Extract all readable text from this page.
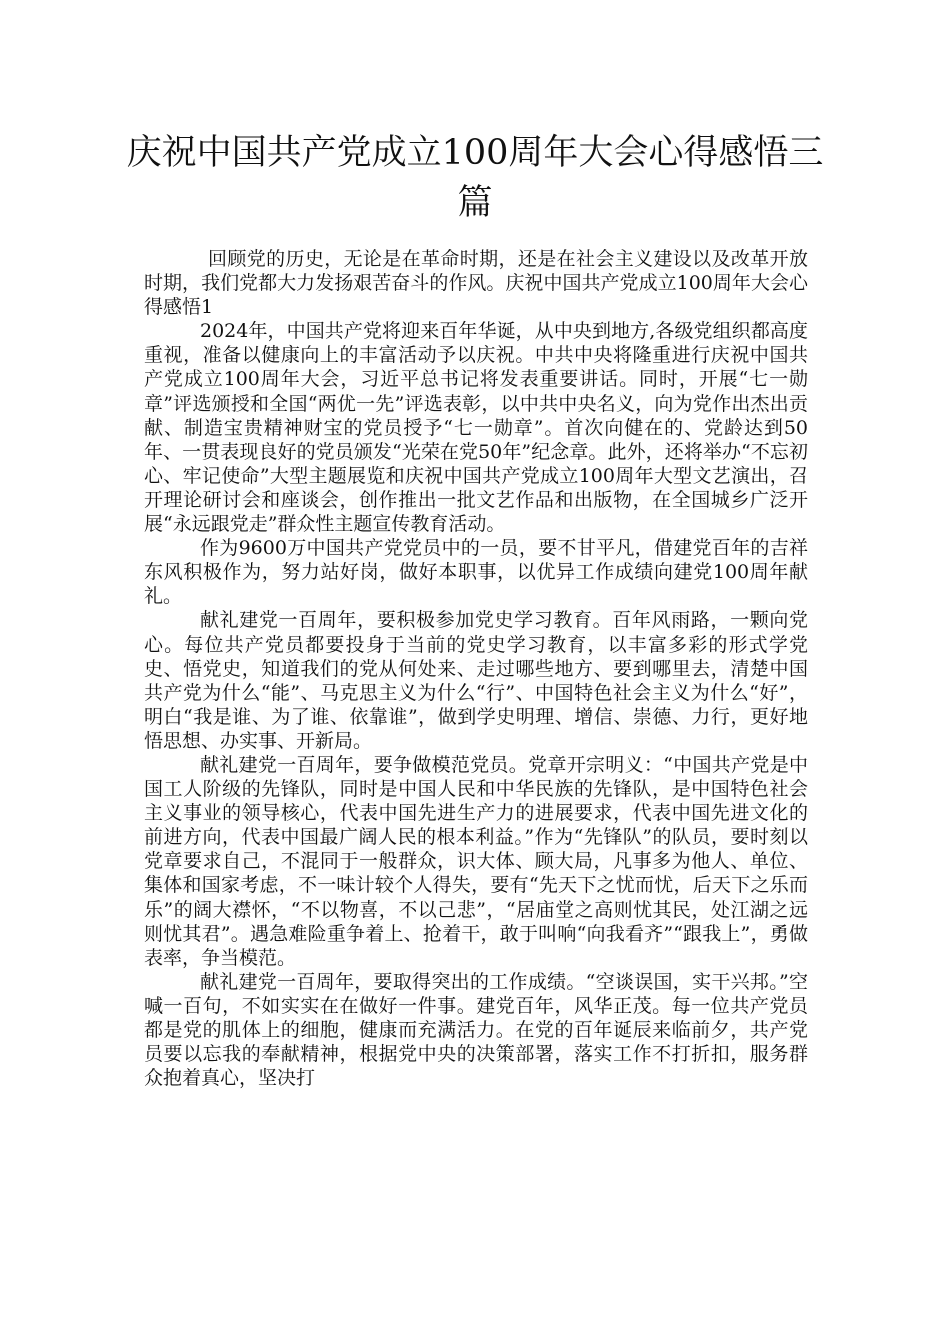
庆祝中国共产党成立100周年大会心得感悟三篇

回顾党的历史，无论是在革命时期，还是在社会主义建设以及改革开放时期，我们党都大力发扬艰苦奋斗的作风。庆祝中国共产党成立100周年大会心得感悟1

2024年，中国共产党将迎来百年华诞，从中央到地方,各级党组织都高度重视，准备以健康向上的丰富活动予以庆祝。中共中央将隆重进行庆祝中国共产党成立100周年大会，习近平总书记将发表重要讲话。同时，开展“七一勋章”评选颁授和全国“两优一先”评选表彰，以中共中央名义，向为党作出杰出贡献、制造宝贵精神财宝的党员授予“七一勋章”。首次向健在的、党龄达到50年、一贯表现良好的党员颁发“光荣在党50年”纪念章。此外，还将举办“不忘初心、牢记使命”大型主题展览和庆祝中国共产党成立100周年大型文艺演出，召开理论研讨会和座谈会，创作推出一批文艺作品和出版物，在全国城乡广泛开展“永远跟党走”群众性主题宣传教育活动。

作为9600万中国共产党党员中的一员，要不甘平凡，借建党百年的吉祥东风积极作为，努力站好岗，做好本职事，以优异工作成绩向建党100周年献礼。

献礼建党一百周年，要积极参加党史学习教育。百年风雨路，一颗向党心。每位共产党员都要投身于当前的党史学习教育，以丰富多彩的形式学党史、悟党史，知道我们的党从何处来、走过哪些地方、要到哪里去，清楚中国共产党为什么“能”、马克思主义为什么“行”、中国特色社会主义为什么“好”，明白“我是谁、为了谁、依靠谁”，做到学史明理、增信、崇德、力行，更好地悟思想、办实事、开新局。

献礼建党一百周年，要争做模范党员。党章开宗明义：“中国共产党是中国工人阶级的先锋队，同时是中国人民和中华民族的先锋队，是中国特色社会主义事业的领导核心，代表中国先进生产力的进展要求，代表中国先进文化的前进方向，代表中国最广阔人民的根本利益。”作为“先锋队”的队员，要时刻以党章要求自己，不混同于一般群众，识大体、顾大局，凡事多为他人、单位、集体和国家考虑，不一味计较个人得失，要有“先天下之忧而忧，后天下之乐而乐”的阔大襟怀，“不以物喜，不以己悲”，“居庙堂之高则忧其民，处江湖之远则忧其君”。遇急难险重争着上、抢着干，敢于叫响“向我看齐”“跟我上”，勇做表率，争当模范。

献礼建党一百周年，要取得突出的工作成绩。“空谈误国，实干兴邦。”空喊一百句，不如实实在在做好一件事。建党百年，风华正茂。每一位共产党员都是党的肌体上的细胞，健康而充满活力。在党的百年诞辰来临前夕，共产党员要以忘我的奉献精神，根据党中央的决策部署，落实工作不打折扣，服务群众抱着真心，坚决打
